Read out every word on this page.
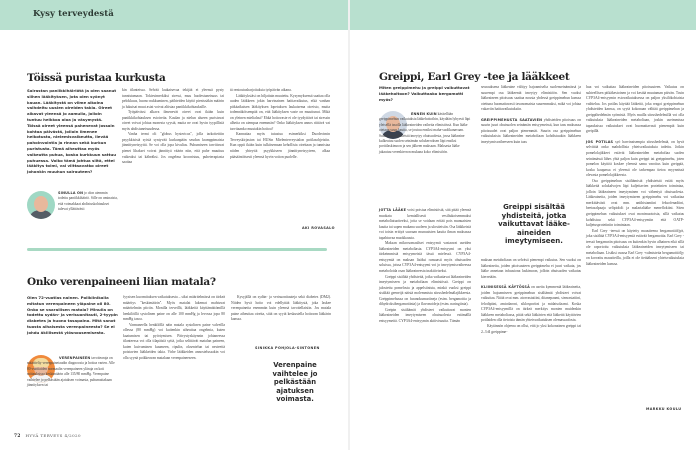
Kysy terveydestä
Töissä puristaa kurkusta
Sairastan paniikkihäiriötä ja olen saanut siihen lääkityksen, jota olen syönyt kauan. Lääkitystä on viime aikoina vaihdeltu uusien oireiden takia. Oireet alkavat yleensä jo aamulla, jolloin tuntuu heikkoa oloa ja väsymystä. Töissä oireet yleensä pahenevat jossain kohtaa päivästä, jolloin ilmenee heikotusta, nielemisvaikeutta, lievää pahoinvointia ja rinnan sekä kurkun puristusta. Tämä aiheuttaa myös vaikeutta puhua, koska kurkkuun sattuu puhuessa. Voiko tämä johtua siitä, ettei lääkitys toimi, vai viittaavatko oireet johonkin muuhun sairauteen?
SINULLA ON jo olon aiemmin todettu paniikkihäiriö. Sille on ominaista, että voimakkaat ahdistuskohtaukset tulevat yllättävästi

kin tilanteissa. Selvää laukaisevaa tekijää ei yleensä pysty tunnistamaan. Tokiesimerkiksi stressi, muu huolestuneisuus tai pelokkuus, huono nukkuminen, päihteiden käyttö pienissäkin määrin ja lukuisat muut asiat voivat altistaa paniikkikohtauksille.

Työpäivässi alkava ilmenevät oireet ovat ikään kuin paniikkikohtauksen esioireita. Kaulan ja nielun alueen puristavat oireet voivat johtua monesta syystä, mutta ne ovat hyvin tyypillisiä myös ahdistuneisuudessa.

Vanha termi oli "globus hystericus", jolla tarkoitettiin psyykkisistä syistä syntyvää kurkunpään seudun kramppimaista jännittyneisyyttä. Se voi olla jopa kivulias. Puhumiseen tarvittavat pienet lihakset voivat jännittyä väärin niin, että puhe muuttuu vaikeaksi tai käheäksi. Jos ongelma kroonistuu, puheterapiasta saattaa

tä rentoutusharjoituksia työpäivän aikana.

Lääkityksiäsi on hiljattain muutettu. Kysymyksensä saattaa olla uuden lääkkeen jokin harvinainen haittavaikutus, eikä vanhan pitkäaikaisen lääkityksen lopetuksen laukaisema oireisto, mutta todennäköisempää on, että lääkityksen vaste on muuttunut. Mikä on yleinen mielialasi? Ehkä hoitovaste ei ole tyydyttävä tai stressin alheita on aiempaa enemmän? Onko lääkityksen annos riittävä vai tarvitaanko muutakin hoitoa?

Kannattaa myös tutustua esimerkiksi Duodecimin Terveyskirjaston tai HUSin Mielenterveystalon potilasohjeisiin. Kun oppii ikään kuin tulkitsemaan kehollisia oireitaan ja tunnistaa niiden yhteyttä psyykkiseen jännittyneisyyteen, alkaa pääsääntöisesti yleensä hyvin voiton puolelle.

AKI ROVASALO
Onko verenpaineeni liian matala?
Olen 72-vuotias nainen. Poliklinikalla mitatun verenpaineen yläpaine oli 80. Onko se vaarallisen matala? Minulla on todettu sydän- ja verisuonitauti, 2-tyypin diabetes ja huono tasapaino. Mitä sanot tuosta alhaisesta verenpaineesta? Se ei johdu äkillisestä ylösnousemisesta.
VERENPAINEEN tavoitearaja on määritelty verenpainetaudin diagnoosia ja hoitoa varten. Alle 80-vuotiaiden normaalin verenpaineen yläraja on koti mittauksissa keskimäärin alle 135/80 mmHg. Verenpaine vaihtelee jo pelkästään ajatuksen voimasta, puhumattakaan jännityksen tai

fyysisen kuormituksen vaikutuksesta – siksi määritelmässä on tärkeä määritys "keskimäärin". Myös matalat lukemat mahtuvat määritelmän piiriin. Monilla terveillä, lääkkeitä käyttämättömillä henkilöillä systolinen paine on alle 100 mmHg ja levossa jopa 80 mmHg tasoa.

Varmaneella henkilöllä näin matala systolinen paine valveilla ollessa (80 mmHg) voi kuitenkin aiheuttaa ongelmia, kuten kaatumisen tai pyörtymisen. Päivystyskäynnin johtaneessa tilanteessa voi olla tilapäisiä syitä, jotka selittävät matalan paineen, kuten kuivuminen kuumeen, ripulin, oksentelun tai nesteettä poistavien lääkkeiden takia. Virhe lääkkeiden annostelussakin voi olla syynä poikkeavan matalaan verenpaineeseen.

Kysyjällä on sydän- ja verisuonitauteja sekä diabetes (DM2). Niiden hyvä hoito voi edellyttää lääkitystä, joka laskee verenpainetta enemmän kuin yleensä tavoitellaisiin. Jos matala paine aiheuttaa oireita, siitä on syytä keskustella hoitavan lääkärin kanssa.

SINIKKA POHJOLA-SINTONEN
Verenpaine vaihtelee jo pelkästään ajatuksen voimasta.
72 HYVÄ TERVEYS 4/2020
Greippi, Earl Grey -tee ja lääkkeet
Miten greippimehu ja greippi vaikuttavat lääkehoitoon? Vaikuttaako bergamotti myös?
ENNEN KUIN käsitellään greippimehun vaikutuksia lääkehoitoihin, käydään lyhyesti läpi yleisellä tasolla lääkeaineiden vaiheita elimistössä. Kun lääke otetaan suun kautta, se joutuu ensiksi maha-suolikanavaan. Suurin osa lääkkeistä imeytyy ohutsuolesta, jossa lääkeaine kulkeutuu suolen seinämän solukerroksen läpi ensiksi porttilaskimoon ja sen jälkeen maksaan. Maksasta lääke jakautuu verenkierron mukana koko elimistöön.

JOTTA LÄÄKE voisi poistua elimistöstä, sitä pitää yleensä muokata kemiallisesti vesiliukoisemmaksi metaboliatuotteeksi, jotta se voidaan eritää pois munuaisten kautta tai sapen mukana suoleen ja ulostteisiin. Osa lääkkeistä voi toisin erittyä suoraan munuaisten kautta ilman maksassa tapahtuvaa muokkausta.

Maksan mikrosomaaliset entsyymit vastaavat useiden lääkeaineiden metaboliasta. CYP3A4-entsyymi on yksi tärkeimmistä entsyymeistä tässä mielessä. CYP3A4-entsyymiä on maksan lisäksi runsaasti myös ohutsuolen soluissa, joissa CYP3A4-entsyymi voi jo imeytymisvaiheessa metaboloida osan lääkeaineesta inaktiiviseksi.

Greippi sisältää yhdisteitä, jotka vaikuttavat lääkeaineiden imeytymiseen ja metaboliaan elimistössä. Greippi on jalostettu pomelosta ja appelsiinista, minkä vuoksi greippi sisältää geeneijä näistä molemmista sitrushedelmälajikkeesta. Greippimehussa on furanokumariineja (esim. bergamottia ja dihydroksibergamottinia) ja flavonoideja (esim. naringiinia).

Greipin sisältämät yhdisteet vaikuttavat monien lääkeaineiden imeytymiseen ohutsuolesta estämällä entsyymeitä. CYP3A4-entsyymin aktiivisuutta. Tämän

seurauksena lääkeaine välttyy hajoamiselta suolenseinämässä ja suurempi osa lääkeentä imeytyy elimistöön. Sen vuoksi lääkeaineen pitoisuus saattaa nousta yhdessä greippimehun kanssa otettuna huomattavasti tavanomaista suuremmaksi, mikä voi johtaa vakaviin haittavaikutuksiin.

GREIPPIMEHUSTA SAATAVIEN yhdisteiden pitoisuus on suurin juuri ohutsuolen seinämän entsyymeissä, kun taas maksassa pitoisuudet ovat paljon pienemmät. Suurin osa greippimehun vaikutuksista lääkeaineiden metaboliaan kohdistuukin lääkkeen imeytymisvaiheeseen kuin taas

Greippi sisältää yhdisteitä, jotka vaikuttavat lääke-aineiden imeytymiseen.

maksan metaboliaan on selvästi pienempi vaikutus. Sen vuoksi on lääkeaineita, joiden pitoisuuteen greippimehu ei juuri vaikuta, jos lääke annetaan infuusiona laskimoon, jolloin ohutsuolen vaikutus kierretään.

KLIINISESSÄ KÄYTÖSSÄ on useita kymmeniä lääkeaineita, joiden hajoamiseen greippimehun sisältämät yhdisteet voivat vaikuttaa. Näitä ovat mm. atorvastatiini, ditanepaami, simvastatiini, felodipiini, amiodaroni, siklosporiini ja midatsolaami. Koska CYP3A4-entsyymillä on tärkeä merkitys monien muidenkin lääkkeen metaboliassa, pitää sekä lääkärien että lääkettä käyttävien potilaiden olla tietoisia tämän yhteisvaikutuksen olemassaolosta.

Käytännön ohjeena on ollut, että jo yksi kokonainen greippi tai 2–3 dl greippime-

hua voi vaikuttaa lääkeaineiden pitoisuuteen. Vaikutus on suhteellisen pitkäkestoinen ja voi kestää muutaman päivän. Tosin CYP3A4-entsyymin estovaikutuksessa on paljon yksilökohtaista vaihtelua. Jos potilas käyttää lääkettä, joka reagoi greippimehun yhdisteiden kanssa, on syytä kokonaan välttää greippimehun ja greippihedelmän syömistä. Myös muilla sitrushedelmillä voi olla vaikutuksia lääkeaineiden metaboliaan, joskin useimmissa tapauksissa vaikutukset ovat huomattavasti pienempiä kuin greipillä.

JOS POTILAS syö harvinaisempia sitrushedelmiä, on hyvä selvittää onko mahdollisia yhteisvaikutuksia todettu. Jotkin pomelolajikkeet estävät lääkeaineiden metaboliaa suolen seinämässä lähes yhtä paljon kuin greippi tai greippimehu, joten pomelon käyttöä koskee yleensä sama varoitus kuin greippiä, koska kaupassa ei yleensä ole tarkempaa tietoa myynnissä olevasta pomelolajikkeesta.

Osa greippimehun sisältämistä yhdisteistä estää myös lääkkeitä solukalvojen läpi kuljettavien proteiinien toimintaa, jolloin lääkeaineen imeytyminen voi vähentyä ohutsuolesta. Lääkeaineita, joiden imeytymiseen greippimehu voi vaikuttaa merkittävästi ovat mm. antihistamiini feksofenadiini, beetasalpaaja selipiololi ja malarialääke meneflokiini. Siten greippimehun vaikutukset ovat monimuotoisia, sillä vaikutus kohdistuu sekä CYP3A4-entsyymiin että OATP-kuljetusproteiiniin toimintaan.

Earl Grey -teessä on käytetty maustteena bergamottiöljyä, joka sisältää CYP3A4-entsyymiä estävää bergamottia. Earl Grey -teessä bergamotin pitoisuus on kuitenkin hyvin alhainen eikä sillä ole raportoitu vaikutuksia lääkeaineiden imeytymiseen tai metaboliaan. Lisäksi osassa Earl Grey -valmisteita bergamottiöljy on korvattu maustteilla, joilla ei ole tietääkseni yhteisvaikutuksia lääkeaineiden kanssa.

MARKKU KOULU
